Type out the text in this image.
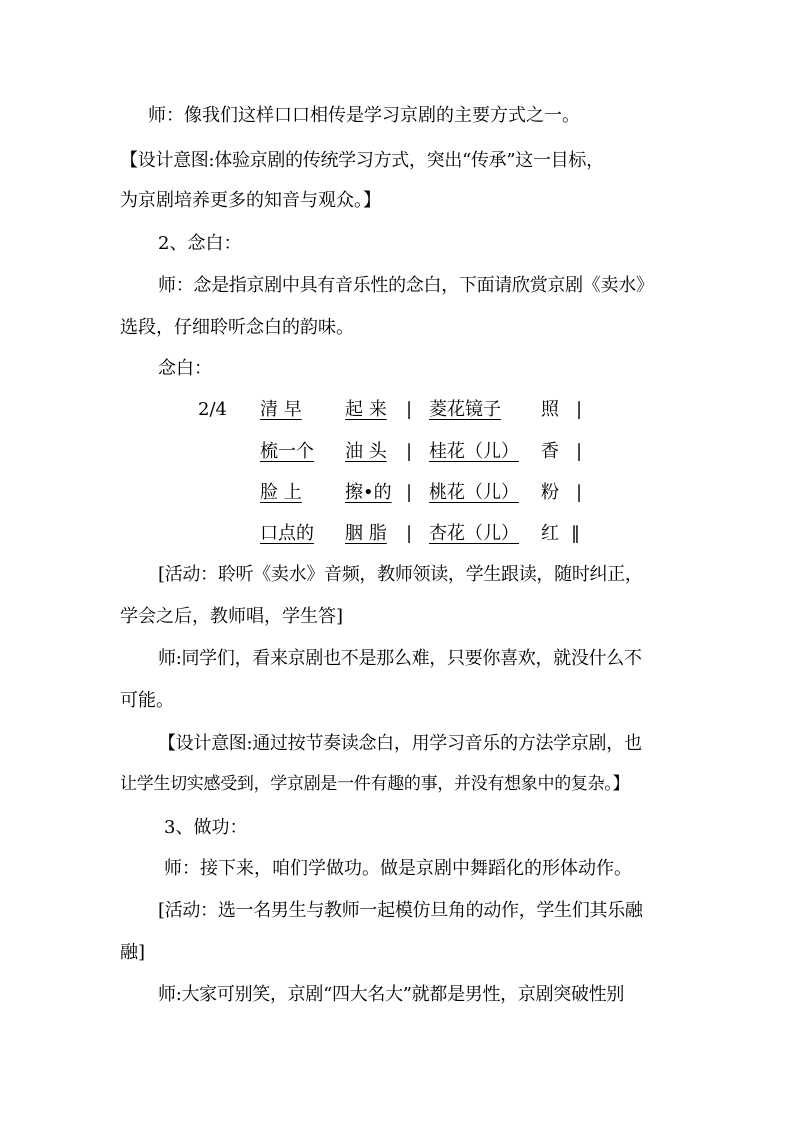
师：像我们这样口口相传是学习京剧的主要方式之一。
【设计意图:体验京剧的传统学习方式，突出“传承”这一目标，
为京剧培养更多的知音与观众。】
2、念白：
师：念是指京剧中具有音乐性的念白，下面请欣赏京剧《卖水》
选段，仔细聆听念白的韵味。
念白：
2/4 清 早 起 来 | 菱花镜子 照 |
梳一个 油 头 | 桂花（儿） 香 |
脸 上 擦•的 | 桃花（儿） 粉 |
口点的 胭 脂 | 杏花（儿） 红 ‖
[活动：聆听《卖水》音频，教师领读，学生跟读，随时纠正，
学会之后，教师唱，学生答]
师:同学们，看来京剧也不是那么难，只要你喜欢，就没什么不
可能。
【设计意图:通过按节奏读念白，用学习音乐的方法学京剧，也
让学生切实感受到，学京剧是一件有趣的事，并没有想象中的复杂。】
3、做功：
师：接下来，咱们学做功。做是京剧中舞蹈化的形体动作。
[活动：选一名男生与教师一起模仿旦角的动作，学生们其乐融
融]
师:大家可别笑，京剧“四大名大”就都是男性，京剧突破性别
